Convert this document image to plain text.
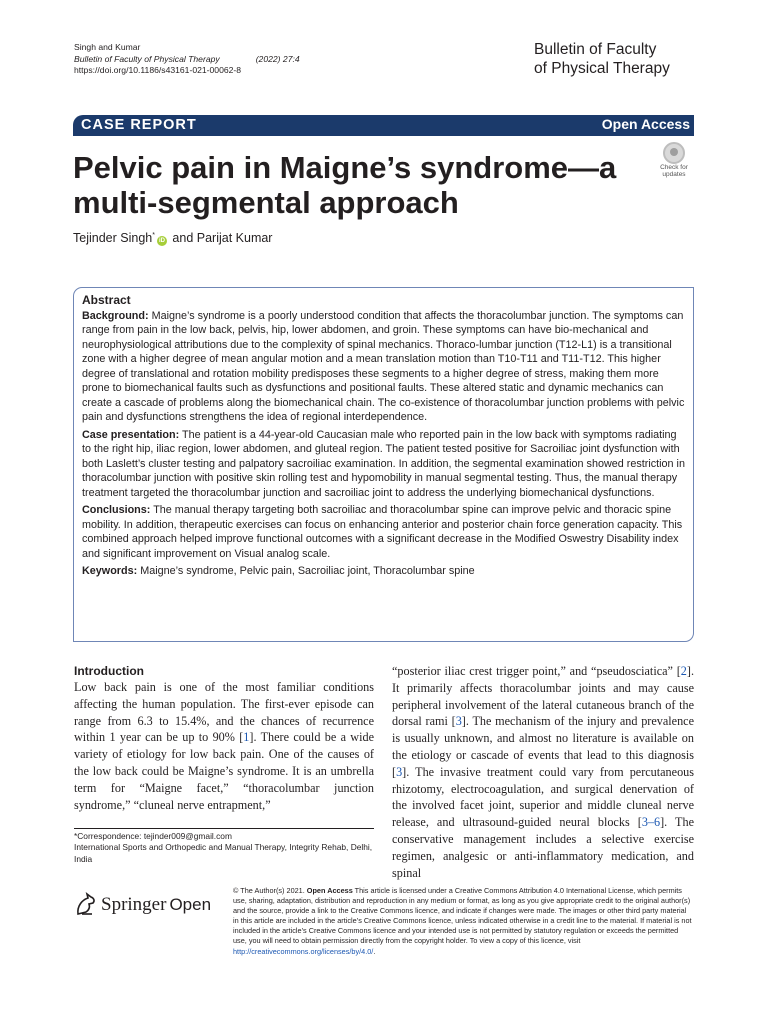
Singh and Kumar
Bulletin of Faculty of Physical Therapy	(2022) 27:4
https://doi.org/10.1186/s43161-021-00062-8
Bulletin of Faculty
of Physical Therapy
CASE REPORT	Open Access
Pelvic pain in Maigne’s syndrome—a multi-segmental approach
Check for
updates
Tejinder Singh*iD and Parijat Kumar
Abstract

Background: Maigne’s syndrome is a poorly understood condition that affects the thoracolumbar junction. The symptoms can range from pain in the low back, pelvis, hip, lower abdomen, and groin. These symptoms can have bio-mechanical and neurophysiological attributions due to the complexity of spinal mechanics. Thoraco-lumbar junction (T12-L1) is a transitional zone with a higher degree of mean angular motion and a mean translation motion than T10-T11 and T11-T12. This higher degree of translational and rotation mobility predisposes these segments to a higher degree of stress, making them more prone to biomechanical faults such as dysfunctions and positional faults. These altered static and dynamic mechanics can create a cascade of problems along the biomechanical chain. The co-existence of thoracolumbar junction problems with pelvic pain and dysfunctions strengthens the idea of regional interdependence.

Case presentation: The patient is a 44-year-old Caucasian male who reported pain in the low back with symptoms radiating to the right hip, iliac region, lower abdomen, and gluteal region. The patient tested positive for Sacroiliac joint dysfunction with both Laslett’s cluster testing and palpatory sacroiliac examination. In addition, the segmental examination showed restriction in thoracolumbar junction with positive skin rolling test and hypomobility in manual segmental testing. Thus, the manual therapy treatment targeted the thoracolumbar junction and sacroiliac joint to address the underlying biomechanical dysfunctions.

Conclusions: The manual therapy targeting both sacroiliac and thoracolumbar spine can improve pelvic and thoracic spine mobility. In addition, therapeutic exercises can focus on enhancing anterior and posterior chain force generation capacity. This combined approach helped improve functional outcomes with a significant decrease in the Modified Oswestry Disability index and significant improvement on Visual analog scale.

Keywords: Maigne’s syndrome, Pelvic pain, Sacroiliac joint, Thoracolumbar spine

Introduction

Low back pain is one of the most familiar conditions affecting the human population. The first-ever episode can range from 6.3 to 15.4%, and the chances of recurrence within 1 year can be up to 90% [1]. There could be a wide variety of etiology for low back pain. One of the causes of the low back could be Maigne’s syndrome. It is an umbrella term for “Maigne facet,” “thoracolumbar junction syndrome,” “cluneal nerve entrapment,”

“posterior iliac crest trigger point,” and “pseudosciatica” [2]. It primarily affects thoracolumbar joints and may cause peripheral involvement of the lateral cutaneous branch of the dorsal rami [3]. The mechanism of the injury and prevalence is usually unknown, and almost no literature is available on the etiology or cascade of events that lead to this diagnosis [3]. The invasive treatment could vary from percutaneous rhizotomy, electrocoagulation, and surgical denervation of the involved facet joint, superior and middle cluneal nerve release, and ultrasound-guided neural blocks [3–6]. The conservative management includes a selective exercise regimen, analgesic or anti-inflammatory medication, and spinal

*Correspondence: tejinder009@gmail.com
International Sports and Orthopedic and Manual Therapy, Integrity Rehab, Delhi, India
Springer Open
© The Author(s) 2021. Open Access This article is licensed under a Creative Commons Attribution 4.0 International License, which permits use, sharing, adaptation, distribution and reproduction in any medium or format, as long as you give appropriate credit to the original author(s) and the source, provide a link to the Creative Commons licence, and indicate if changes were made. The images or other third party material in this article are included in the article’s Creative Commons licence, unless indicated otherwise in a credit line to the material. If material is not included in the article’s Creative Commons licence and your intended use is not permitted by statutory regulation or exceeds the permitted use, you will need to obtain permission directly from the copyright holder. To view a copy of this licence, visit http://creativecommons.org/licenses/by/4.0/.
